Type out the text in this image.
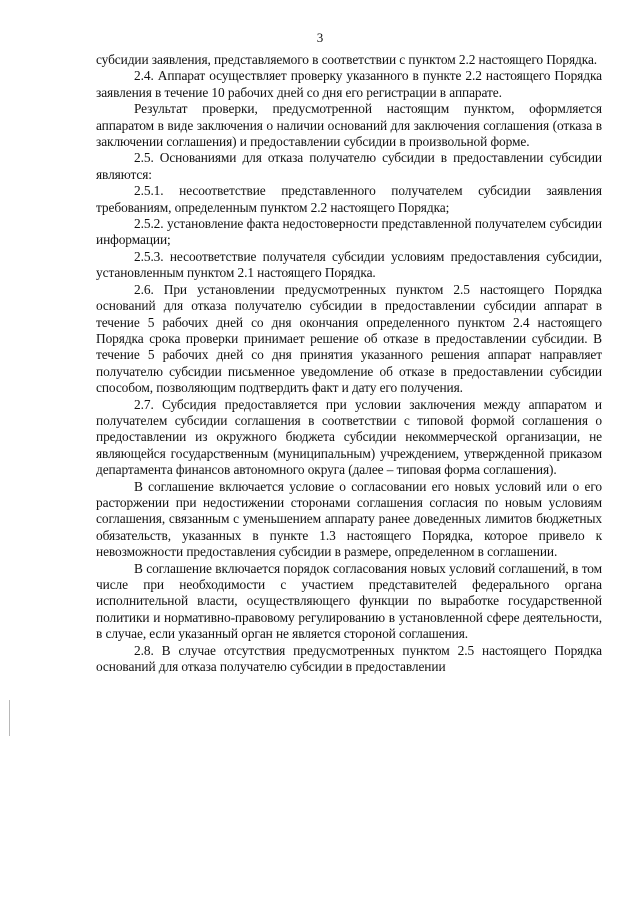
3

субсидии заявления, представляемого в соответствии с пунктом 2.2 настоящего Порядка.

2.4. Аппарат осуществляет проверку указанного в пункте 2.2 настоящего Порядка заявления в течение 10 рабочих дней со дня его регистрации в аппарате.

Результат проверки, предусмотренной настоящим пунктом, оформляется аппаратом в виде заключения о наличии оснований для заключения соглашения (отказа в заключении соглашения) и предоставлении субсидии в произвольной форме.

2.5. Основаниями для отказа получателю субсидии в предоставлении субсидии являются:

2.5.1. несоответствие представленного получателем субсидии заявления требованиям, определенным пунктом 2.2 настоящего Порядка;

2.5.2. установление факта недостоверности представленной получателем субсидии информации;

2.5.3. несоответствие получателя субсидии условиям предоставления субсидии, установленным пунктом 2.1 настоящего Порядка.

2.6. При установлении предусмотренных пунктом 2.5 настоящего Порядка оснований для отказа получателю субсидии в предоставлении субсидии аппарат в течение 5 рабочих дней со дня окончания определенного пунктом 2.4 настоящего Порядка срока проверки принимает решение об отказе в предоставлении субсидии. В течение 5 рабочих дней со дня принятия указанного решения аппарат направляет получателю субсидии письменное уведомление об отказе в предоставлении субсидии способом, позволяющим подтвердить факт и дату его получения.

2.7. Субсидия предоставляется при условии заключения между аппаратом и получателем субсидии соглашения в соответствии с типовой формой соглашения о предоставлении из окружного бюджета субсидии некоммерческой организации, не являющейся государственным (муниципальным) учреждением, утвержденной приказом департамента финансов автономного округа (далее – типовая форма соглашения).

В соглашение включается условие о согласовании его новых условий или о его расторжении при недостижении сторонами соглашения согласия по новым условиям соглашения, связанным с уменьшением аппарату ранее доведенных лимитов бюджетных обязательств, указанных в пункте 1.3 настоящего Порядка, которое привело к невозможности предоставления субсидии в размере, определенном в соглашении.

В соглашение включается порядок согласования новых условий соглашений, в том числе при необходимости с участием представителей федерального органа исполнительной власти, осуществляющего функции по выработке государственной политики и нормативно-правовому регулированию в установленной сфере деятельности, в случае, если указанный орган не является стороной соглашения.

2.8. В случае отсутствия предусмотренных пунктом 2.5 настоящего Порядка оснований для отказа получателю субсидии в предоставлении
